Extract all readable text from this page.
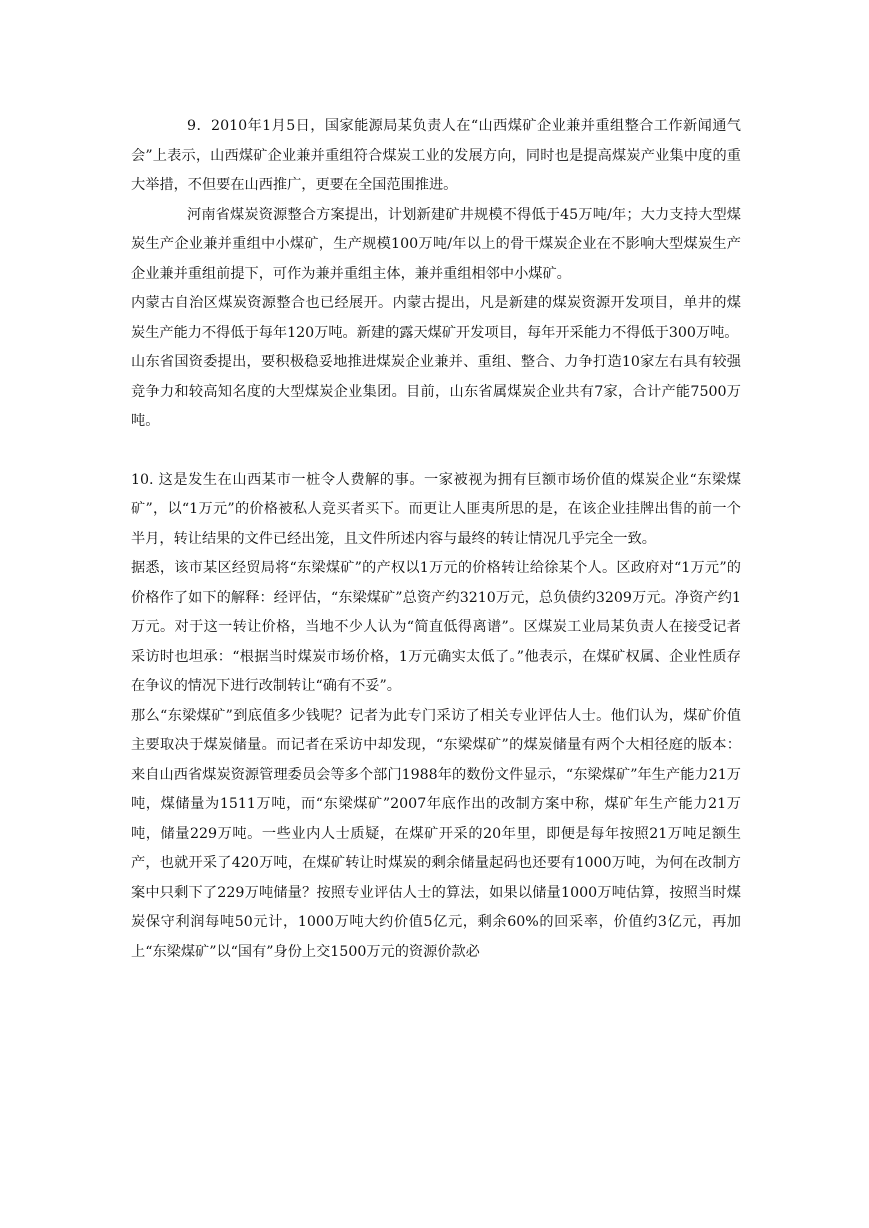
9．2010年1月5日，国家能源局某负责人在“山西煤矿企业兼并重组整合工作新闻通气会”上表示，山西煤矿企业兼并重组符合煤炭工业的发展方向，同时也是提高煤炭产业集中度的重大举措，不但要在山西推广，更要在全国范围推进。

河南省煤炭资源整合方案提出，计划新建矿井规模不得低于45万吨/年；大力支持大型煤炭生产企业兼并重组中小煤矿，生产规模100万吨/年以上的骨干煤炭企业在不影响大型煤炭生产企业兼并重组前提下，可作为兼并重组主体，兼并重组相邻中小煤矿。

内蒙古自治区煤炭资源整合也已经展开。内蒙古提出，凡是新建的煤炭资源开发项目，单井的煤炭生产能力不得低于每年120万吨。新建的露天煤矿开发项目，每年开采能力不得低于300万吨。

山东省国资委提出，要积极稳妥地推进煤炭企业兼并、重组、整合、力争打造10家左右具有较强竞争力和较高知名度的大型煤炭企业集团。目前，山东省属煤炭企业共有7家，合计产能7500万吨。

10. 这是发生在山西某市一桩令人费解的事。一家被视为拥有巨额市场价值的煤炭企业“东梁煤矿”，以“1万元”的价格被私人竞买者买下。而更让人匪夷所思的是，在该企业挂牌出售的前一个半月，转让结果的文件已经出笼，且文件所述内容与最终的转让情况几乎完全一致。

据悉，该市某区经贸局将“东梁煤矿”的产权以1万元的价格转让给徐某个人。区政府对“1万元”的价格作了如下的解释：经评估，“东梁煤矿”总资产约3210万元，总负债约3209万元。净资产约1万元。对于这一转让价格，当地不少人认为“简直低得离谱”。区煤炭工业局某负责人在接受记者采访时也坦承：“根据当时煤炭市场价格，1万元确实太低了。”他表示，在煤矿权属、企业性质存在争议的情况下进行改制转让“确有不妥”。

那么“东梁煤矿”到底值多少钱呢？记者为此专门采访了相关专业评估人士。他们认为，煤矿价值主要取决于煤炭储量。而记者在采访中却发现，“东梁煤矿”的煤炭储量有两个大相径庭的版本：来自山西省煤炭资源管理委员会等多个部门1988年的数份文件显示，“东梁煤矿”年生产能力21万吨，煤储量为1511万吨，而“东梁煤矿”2007年底作出的改制方案中称，煤矿年生产能力21万吨，储量229万吨。一些业内人士质疑，在煤矿开采的20年里，即便是每年按照21万吨足额生产，也就开采了420万吨，在煤矿转让时煤炭的剩余储量起码也还要有1000万吨，为何在改制方案中只剩下了229万吨储量？按照专业评估人士的算法，如果以储量1000万吨估算，按照当时煤炭保守利润每吨50元计，1000万吨大约价值5亿元，剩余60%的回采率，价值约3亿元，再加上“东梁煤矿”以“国有”身份上交1500万元的资源价款必
